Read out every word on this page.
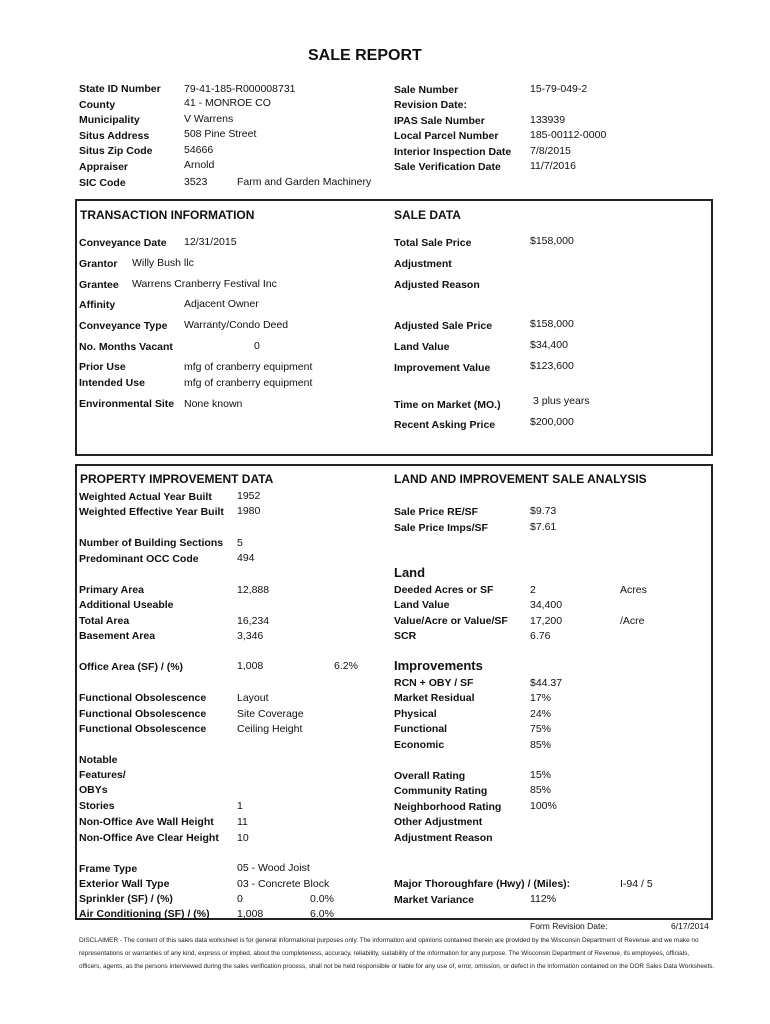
SALE REPORT
State ID Number 79-41-185-R000008731
County	41 - MONROE CO
Municipality	V Warrens
Situs Address	508 Pine Street
Situs Zip Code	54666
Appraiser	Arnold
SIC Code	3523	Farm and Garden Machinery
Sale Number	15-79-049-2
Revision Date:
IPAS Sale Number	133939
Local Parcel Number	185-00112-0000
Interior Inspection Date 7/8/2015
Sale Verification Date	11/7/2016
TRANSACTION INFORMATION	SALE DATA
Conveyance Date 12/31/2015
Grantor Willy Bush llc
Grantee Warrens Cranberry Festival Inc
Affinity	Adjacent Owner
Conveyance Type Warranty/Condo Deed
No. Months Vacant	0
Prior Use	mfg of cranberry equipment
Intended Use	mfg of cranberry equipment
Environmental Site None known
Total Sale Price	$158,000
Adjustment
Adjusted Reason
Adjusted Sale Price	$158,000
Land Value	$34,400
Improvement Value	$123,600
Time on Market (MO.)	3 plus years
Recent Asking Price	$200,000
PROPERTY IMPROVEMENT DATA	LAND AND IMPROVEMENT SALE ANALYSIS
Weighted Actual Year Built 1952
Weighted Effective Year Built 1980
Number of Building Sections 5
Predominant OCC Code	494
Primary Area	12,888
Additional Useable
Total Area	16,234
Basement Area	3,346
Office Area (SF) / (%)	1,008	6.2%
Functional Obsolescence	Layout
Functional Obsolescence	Site Coverage
Functional Obsolescence	Ceiling Height
Notable
Features/
OBYs
Stories	1
Non-Office Ave Wall Height 11
Non-Office Ave Clear Height 10
Frame Type	05 - Wood Joist
Exterior Wall Type	03 - Concrete Block
Sprinkler (SF) / (%)	0	0.0%
Air Conditioning (SF) / (%)	1,008	6.0%
Sale Price RE/SF	$9.73
Sale Price Imps/SF	$7.61
Land
Deeded Acres or SF	2	Acres
Land Value	34,400
Value/Acre or Value/SF 17,200	/Acre
SCR	6.76
Improvements
RCN + OBY / SF	$44.37
Market Residual	17%
Physical	24%
Functional	75%
Economic	85%
Overall Rating	15%
Community Rating	85%
Neighborhood Rating	100%
Other Adjustment
Adjustment Reason
Major Thoroughfare (Hwy) / (Miles):	I-94 / 5
Market Variance	112%
Form Revision Date:	6/17/2014
DISCLAIMER - The content of this sales data worksheet is for general informational purposes only. The information and opinions contained therein are provided by the Wisconsin Department of Revenue and we make no
representations or warranties of any kind, express or implied, about the completeness, accuracy, reliability, suitability of the information for any purpose. The Wisconsin Department of Revenue, its employees, officials,
officers, agents, as the persons interviewed during the sales verification process, shall not be held responsible or liable for any use of, error, omission, or defect in the information contained on the DOR Sales Data Worksheets.
